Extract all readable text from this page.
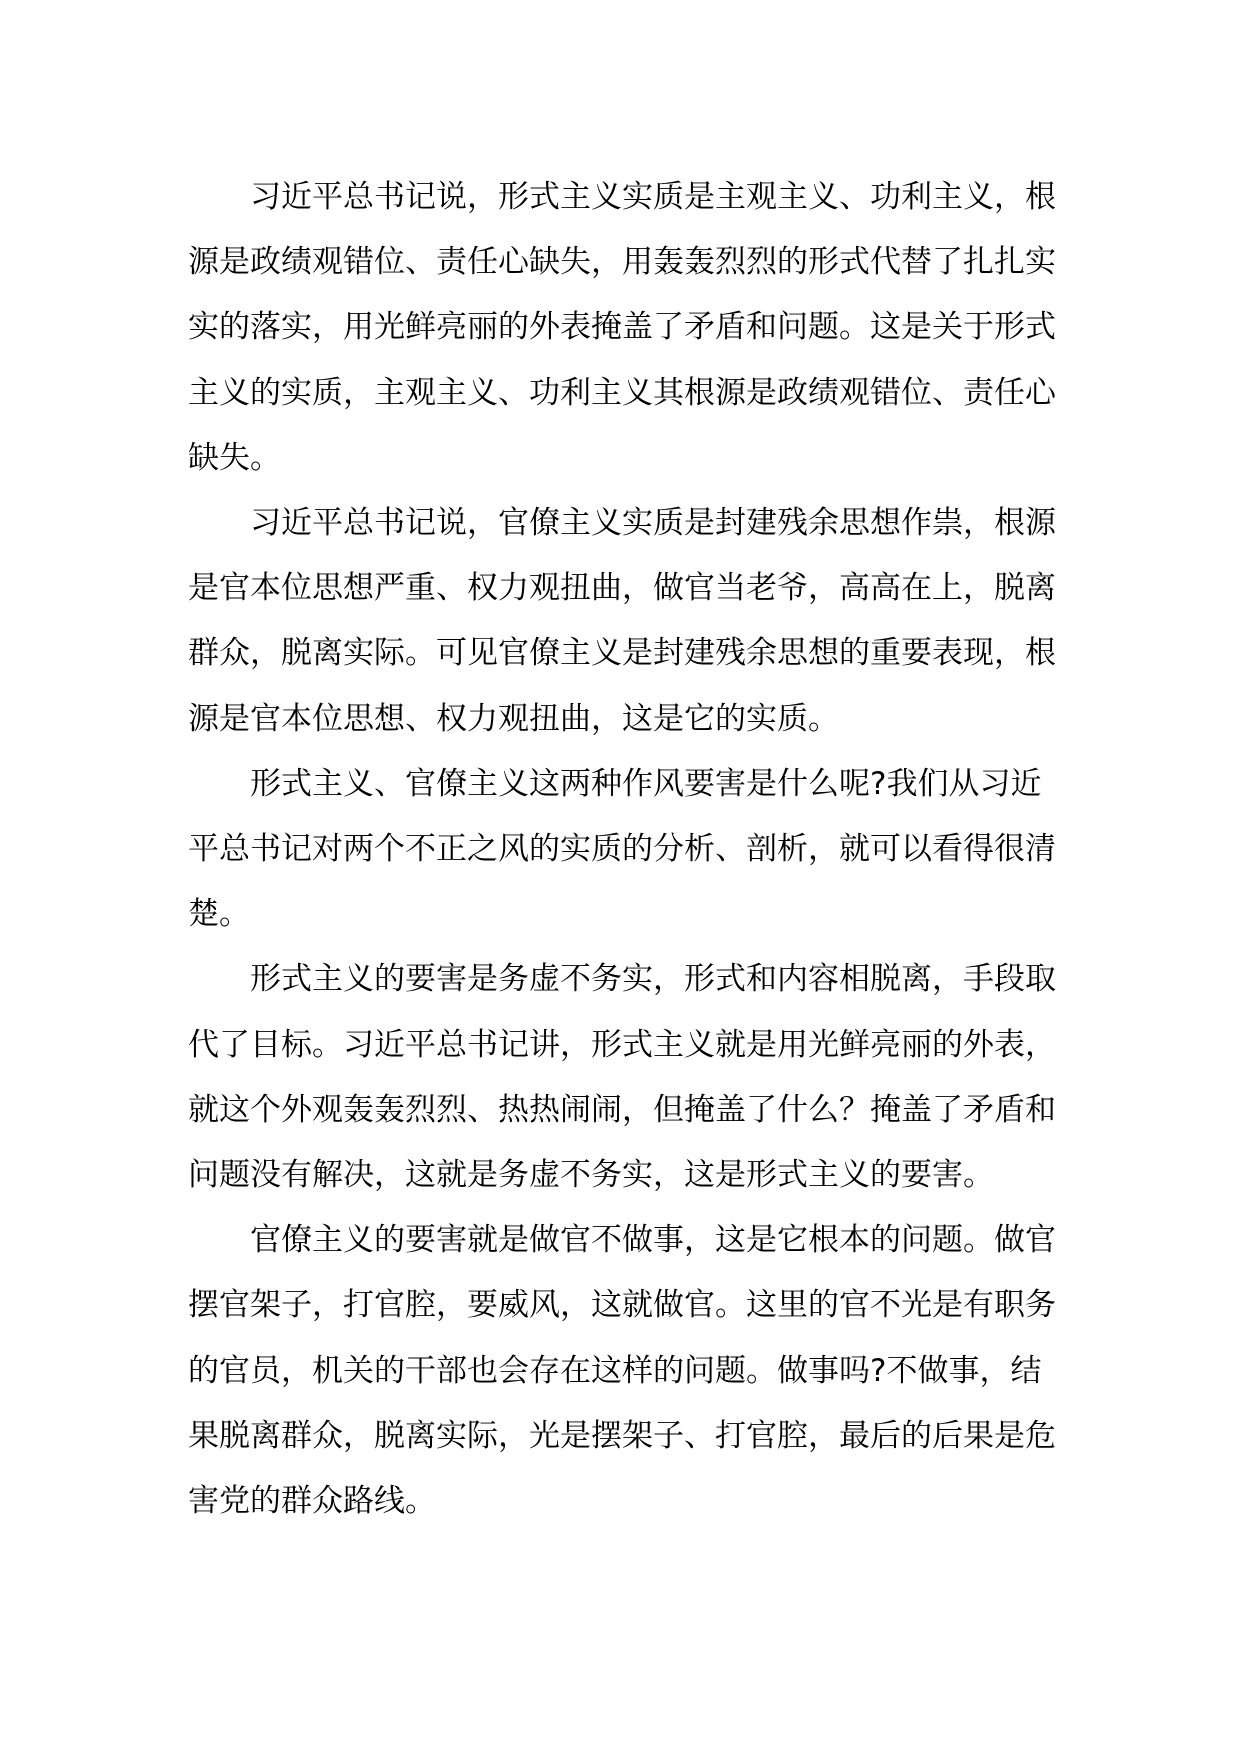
习近平总书记说，形式主义实质是主观主义、功利主义，根源是政绩观错位、责任心缺失，用轰轰烈烈的形式代替了扎扎实实的落实，用光鲜亮丽的外表掩盖了矛盾和问题。这是关于形式主义的实质，主观主义、功利主义其根源是政绩观错位、责任心缺失。

习近平总书记说，官僚主义实质是封建残余思想作祟，根源是官本位思想严重、权力观扭曲，做官当老爷，高高在上，脱离群众，脱离实际。可见官僚主义是封建残余思想的重要表现，根源是官本位思想、权力观扭曲，这是它的实质。

形式主义、官僚主义这两种作风要害是什么呢?我们从习近平总书记对两个不正之风的实质的分析、剖析，就可以看得很清楚。

形式主义的要害是务虚不务实，形式和内容相脱离，手段取代了目标。习近平总书记讲，形式主义就是用光鲜亮丽的外表，就这个外观轰轰烈烈、热热闹闹，但掩盖了什么？掩盖了矛盾和问题没有解决，这就是务虚不务实，这是形式主义的要害。

官僚主义的要害就是做官不做事，这是它根本的问题。做官摆官架子，打官腔，要威风，这就做官。这里的官不光是有职务的官员，机关的干部也会存在这样的问题。做事吗?不做事，结果脱离群众，脱离实际，光是摆架子、打官腔，最后的后果是危害党的群众路线。
